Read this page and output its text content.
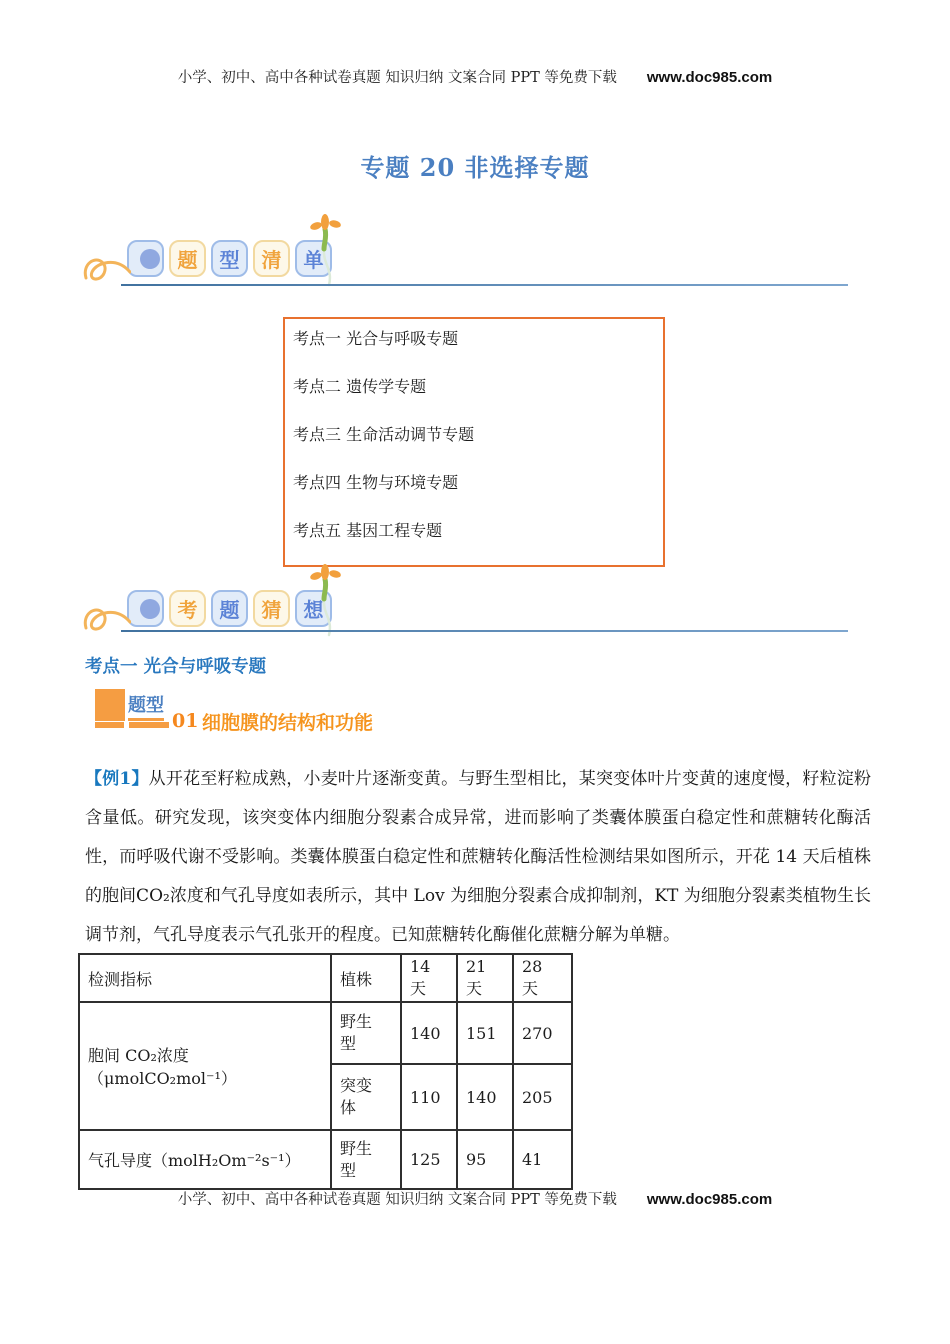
小学、初中、高中各种试卷真题 知识归纳 文案合同 PPT 等免费下载 www.doc985.com
专题 20 非选择专题
题 型 清 单
考点一 光合与呼吸专题
考点二 遗传学专题
考点三 生命活动调节专题
考点四 生物与环境专题
考点五 基因工程专题
考 题 猜 想
考点一 光合与呼吸专题
题型
01 细胞膜的结构和功能
【例1】从开花至籽粒成熟，小麦叶片逐渐变黄。与野生型相比，某突变体叶片变黄的速度慢，籽粒淀粉含量低。研究发现，该突变体内细胞分裂素合成异常，进而影响了类囊体膜蛋白稳定性和蔗糖转化酶活性，而呼吸代谢不受影响。类囊体膜蛋白稳定性和蔗糖转化酶活性检测结果如图所示，开花 14 天后植株的胞间CO₂浓度和气孔导度如表所示，其中 Lov 为细胞分裂素合成抑制剂，KT 为细胞分裂素类植物生长调节剂，气孔导度表示气孔张开的程度。已知蔗糖转化酶催化蔗糖分解为单糖。
检测指标	植株	14 天	21 天	28 天
胞间 CO₂浓度（μmolCO₂mol⁻¹）	野生型	140	151	270
	突变体	110	140	205
气孔导度（molH₂Om⁻²s⁻¹）	野生型	125	95	41
小学、初中、高中各种试卷真题 知识归纳 文案合同 PPT 等免费下载 www.doc985.com
